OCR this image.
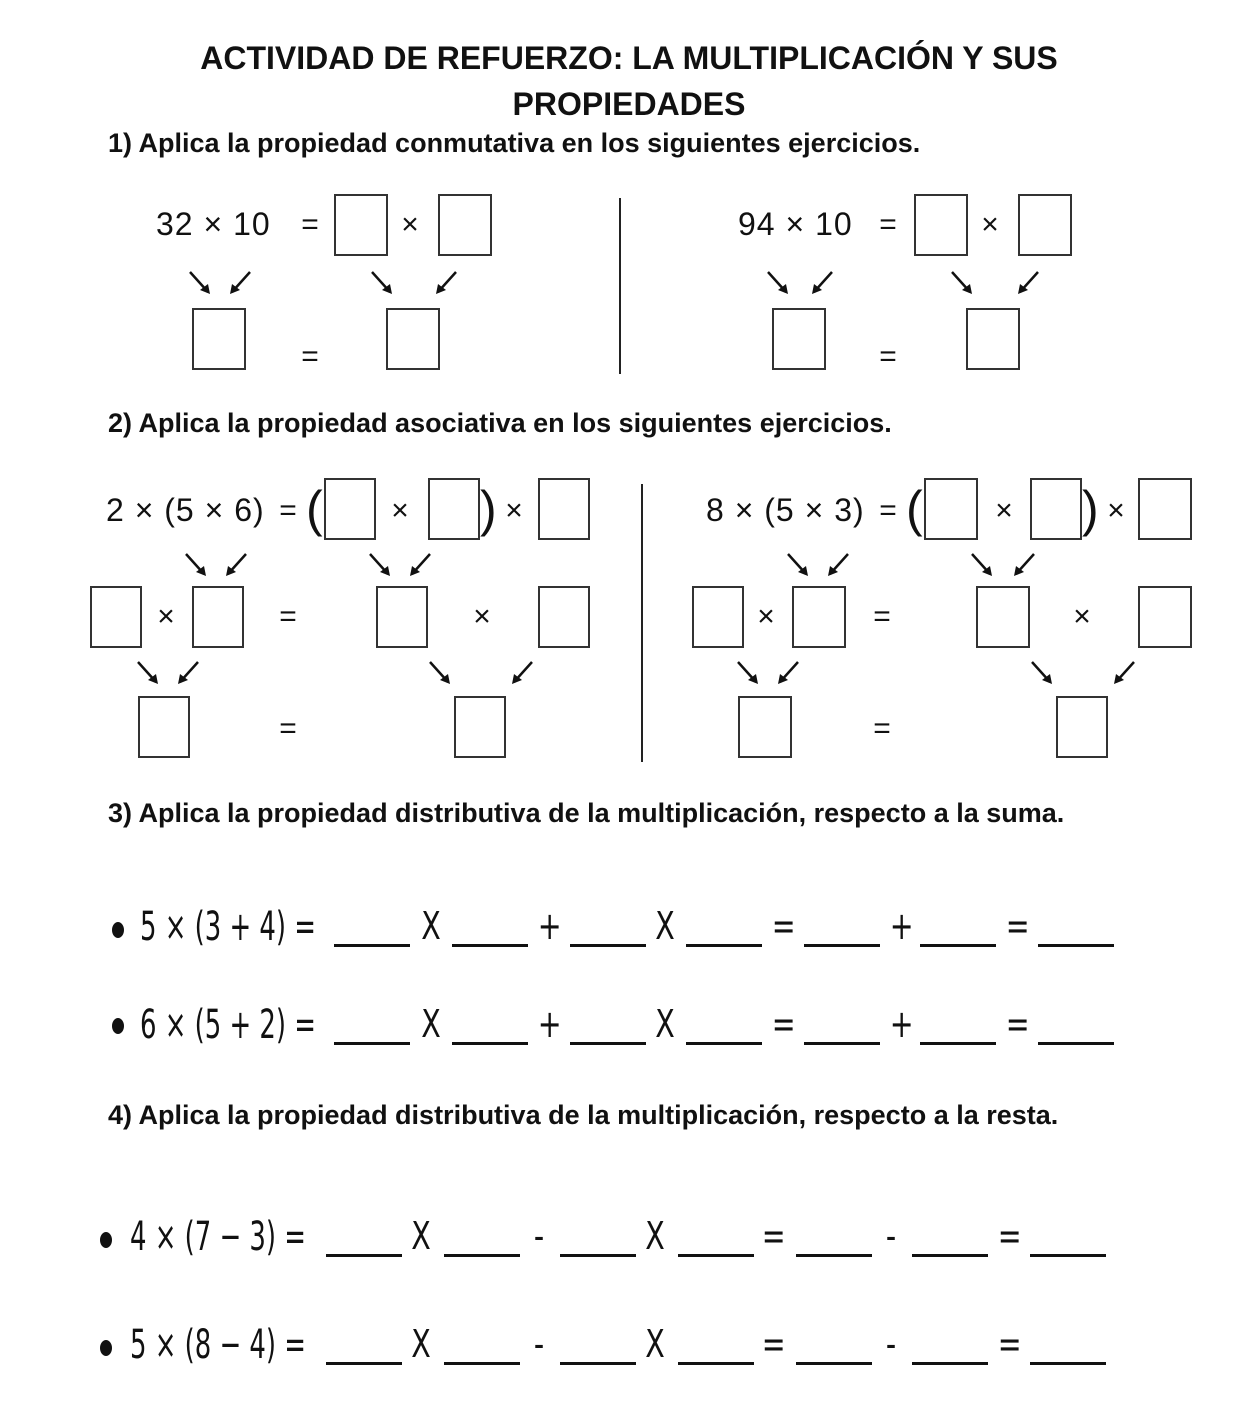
ACTIVIDAD DE REFUERZO: LA MULTIPLICACIÓN Y SUS
PROPIEDADES
1) Aplica la propiedad conmutativa en los siguientes ejercicios.
32 × 10	=	×
=
94 × 10 =	×
=
2) Aplica la propiedad asociativa en los siguientes ejercicios.
2 × (5 × 6) = (	× ) ×
×	=	×
=
8 × (5 × 3) = (	× ) ×
×	=	×
=
3) Aplica la propiedad distributiva de la multiplicación, respecto a la suma.
5 × (3 + 4) =	X	+ X	= + =
6 × (5 + 2) =	X	+ X	= + =
4) Aplica la propiedad distributiva de la multiplicación, respecto a la resta.
4 × (7 − 3) =	X	-	X	=	-	=
5 × (8 − 4) =	X	-	X	=	-	=
